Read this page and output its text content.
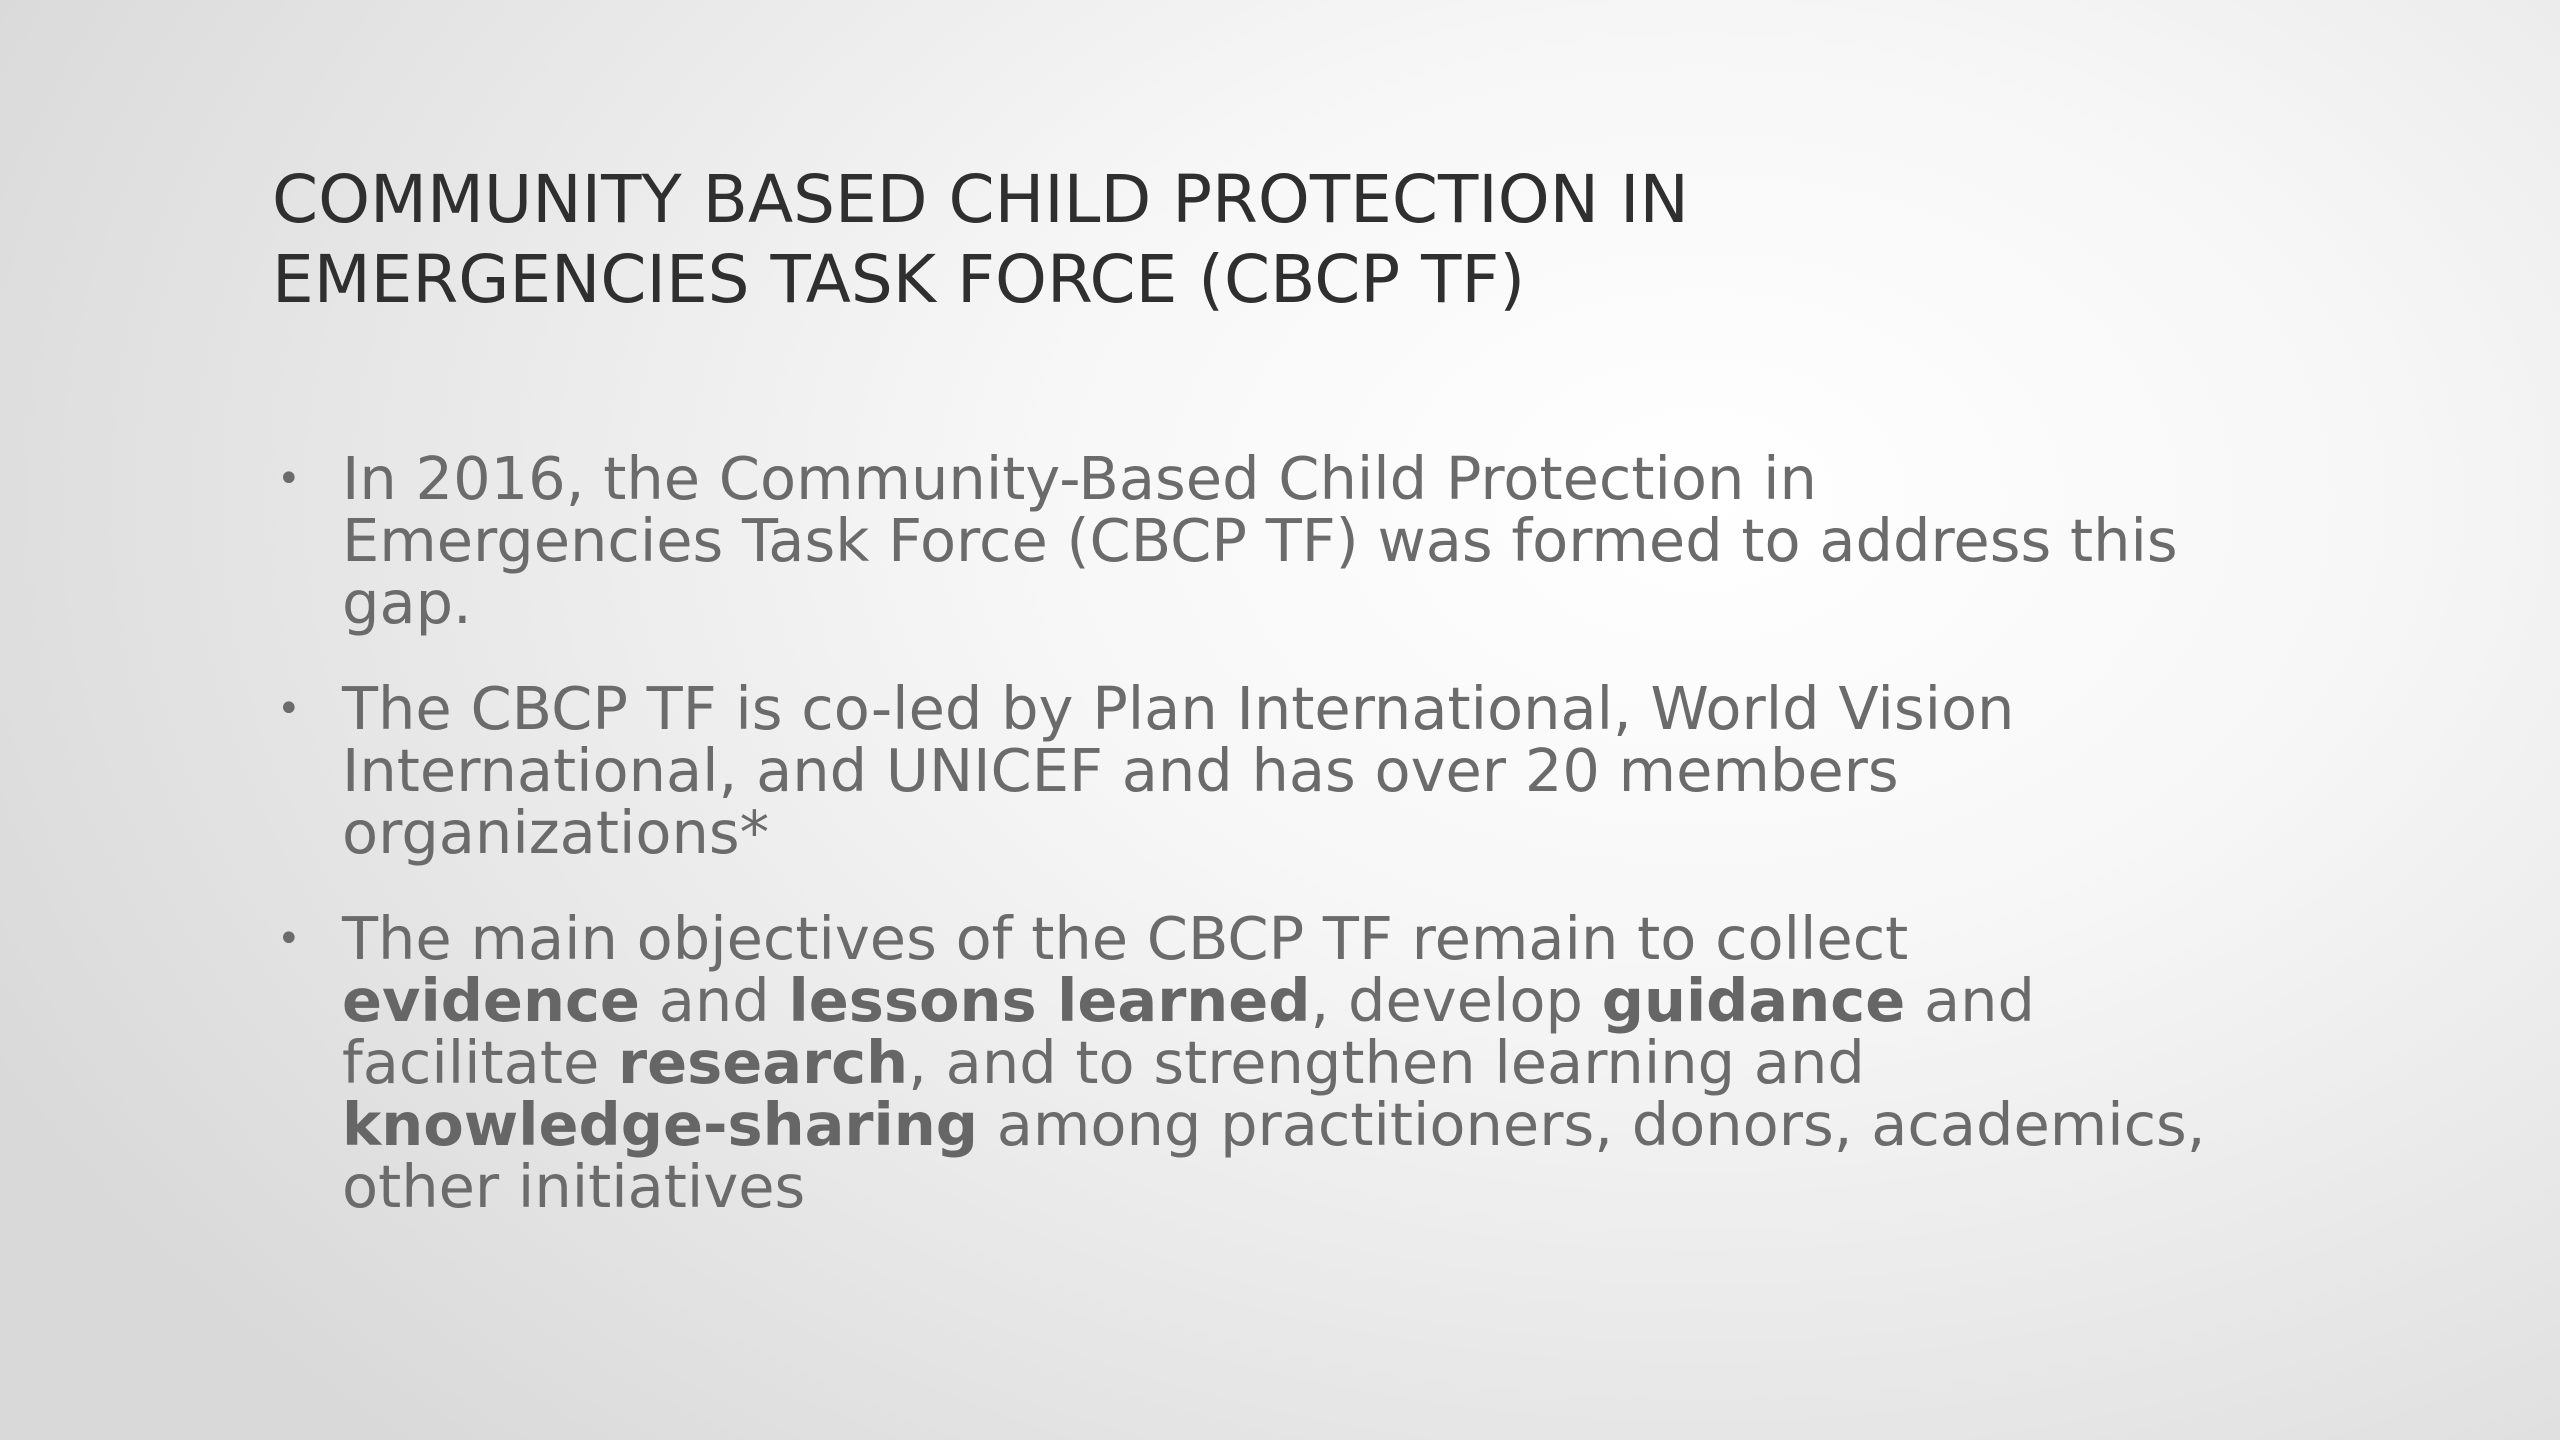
COMMUNITY BASED CHILD PROTECTION IN
EMERGENCIES TASK FORCE (CBCP TF)
• In 2016, the Community-Based Child Protection in
Emergencies Task Force (CBCP TF) was formed to address this
gap.
• The CBCP TF is co-led by Plan International, World Vision
International, and UNICEF and has over 20 members
organizations*
• The main objectives of the CBCP TF remain to collect
evidence and lessons learned, develop guidance and
facilitate research, and to strengthen learning and
knowledge-sharing among practitioners, donors, academics,
other initiatives
